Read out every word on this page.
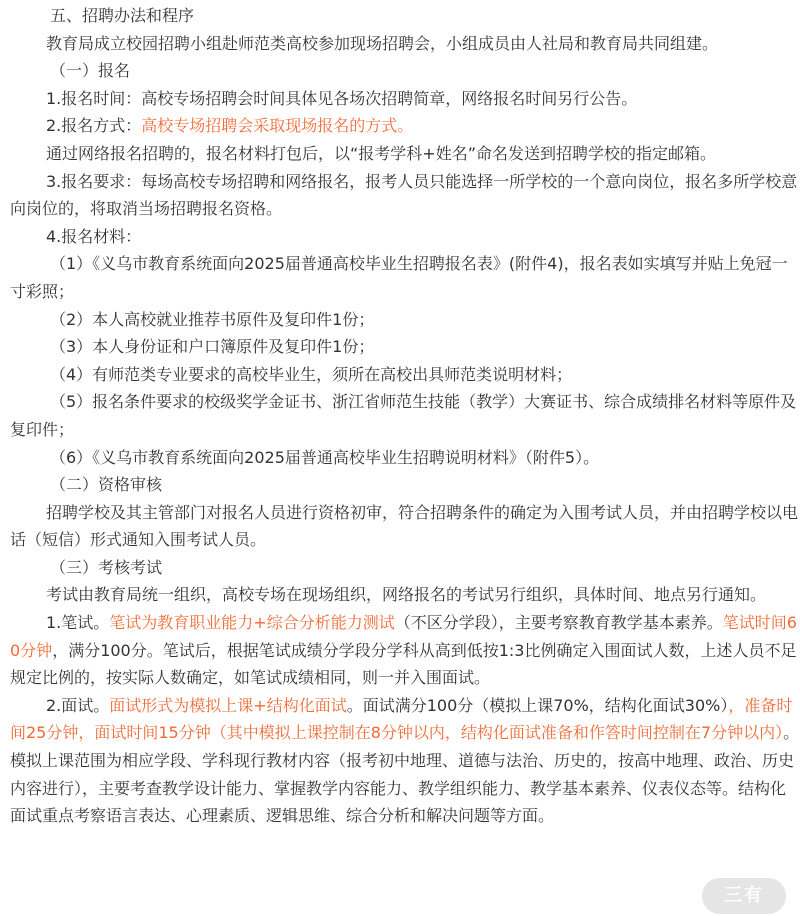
五、招聘办法和程序

教育局成立校园招聘小组赴师范类高校参加现场招聘会，小组成员由人社局和教育局共同组建。

（一）报名

1.报名时间：高校专场招聘会时间具体见各场次招聘简章，网络报名时间另行公告。

2.报名方式：高校专场招聘会采取现场报名的方式。

通过网络报名招聘的，报名材料打包后，以“报考学科+姓名”命名发送到招聘学校的指定邮箱。

3.报名要求：每场高校专场招聘和网络报名，报考人员只能选择一所学校的一个意向岗位，报名多所学校意向岗位的，将取消当场招聘报名资格。

4.报名材料：

（1）《义乌市教育系统面向2025届普通高校毕业生招聘报名表》(附件4)，报名表如实填写并贴上免冠一寸彩照；

（2）本人高校就业推荐书原件及复印件1份；

（3）本人身份证和户口簿原件及复印件1份；

（4）有师范类专业要求的高校毕业生，须所在高校出具师范类说明材料；

（5）报名条件要求的校级奖学金证书、浙江省师范生技能（教学）大赛证书、综合成绩排名材料等原件及复印件；

（6）《义乌市教育系统面向2025届普通高校毕业生招聘说明材料》（附件5）。

（二）资格审核

招聘学校及其主管部门对报名人员进行资格初审，符合招聘条件的确定为入围考试人员，并由招聘学校以电话（短信）形式通知入围考试人员。

（三）考核考试

考试由教育局统一组织，高校专场在现场组织，网络报名的考试另行组织，具体时间、地点另行通知。

1.笔试。笔试为教育职业能力+综合分析能力测试（不区分学段），主要考察教育教学基本素养。笔试时间60分钟，满分100分。笔试后，根据笔试成绩分学段分学科从高到低按1:3比例确定入围面试人数，上述人员不足规定比例的，按实际人数确定，如笔试成绩相同，则一并入围面试。

2.面试。面试形式为模拟上课+结构化面试。面试满分100分（模拟上课70%，结构化面试30%），准备时间25分钟，面试时间15分钟（其中模拟上课控制在8分钟以内，结构化面试准备和作答时间控制在7分钟以内）。模拟上课范围为相应学段、学科现行教材内容（报考初中地理、道德与法治、历史的，按高中地理、政治、历史内容进行），主要考查教学设计能力、掌握教学内容能力、教学组织能力、教学基本素养、仪表仪态等。结构化面试重点考察语言表达、心理素质、逻辑思维、综合分析和解决问题等方面。

三有
